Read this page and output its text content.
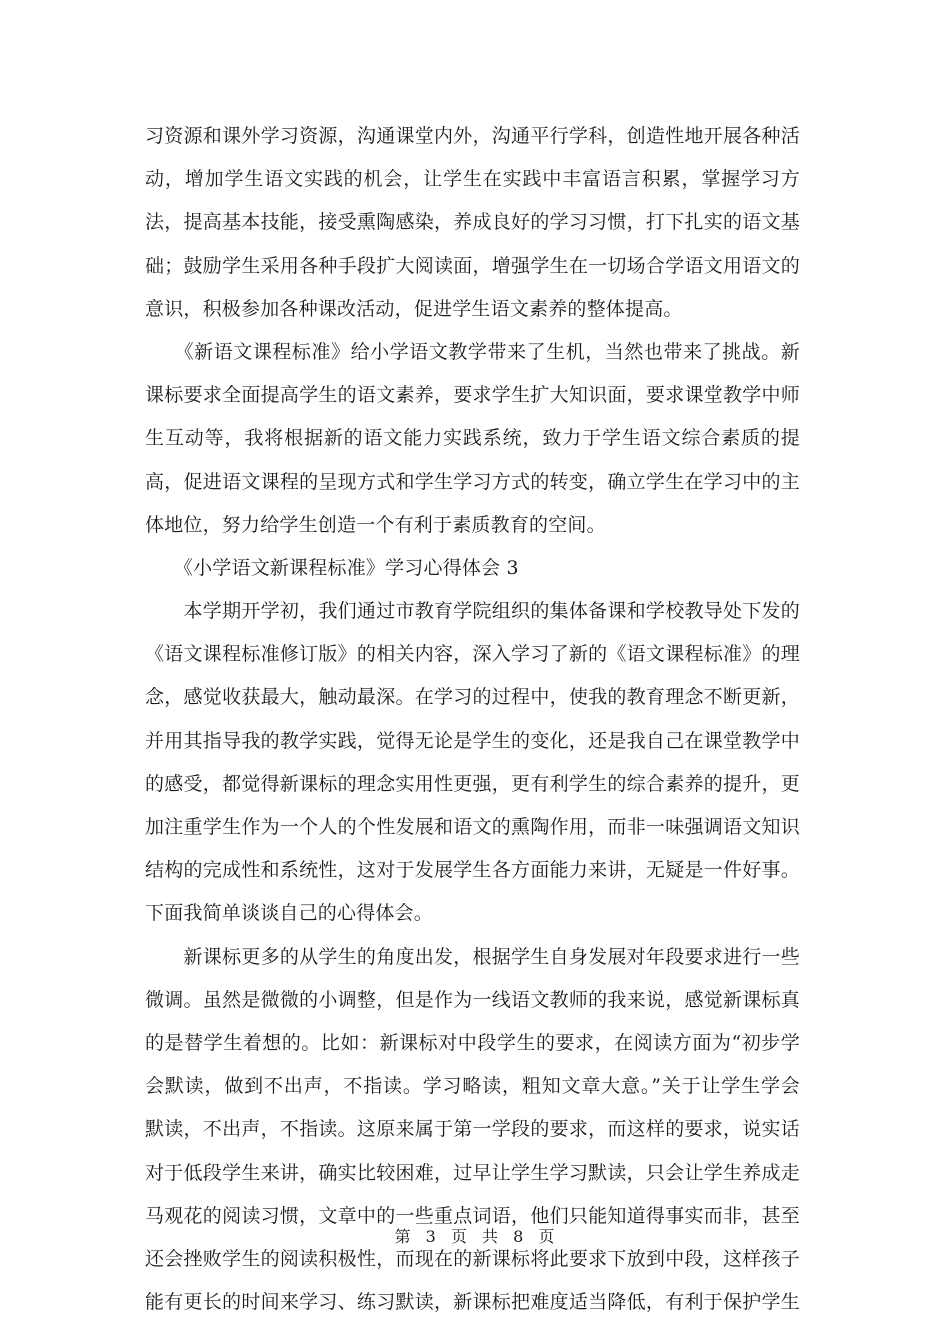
习资源和课外学习资源，沟通课堂内外，沟通平行学科，创造性地开展各种活
动，增加学生语文实践的机会，让学生在实践中丰富语言积累，掌握学习方
法，提高基本技能，接受熏陶感染，养成良好的学习习惯，打下扎实的语文基
础；鼓励学生采用各种手段扩大阅读面，增强学生在一切场合学语文用语文的
意识，积极参加各种课改活动，促进学生语文素养的整体提高。
　　《新语文课程标准》给小学语文教学带来了生机，当然也带来了挑战。新
课标要求全面提高学生的语文素养，要求学生扩大知识面，要求课堂教学中师
生互动等，我将根据新的语文能力实践系统，致力于学生语文综合素质的提
高，促进语文课程的呈现方式和学生学习方式的转变，确立学生在学习中的主
体地位，努力给学生创造一个有利于素质教育的空间。
　　《小学语文新课程标准》学习心得体会 3
　　本学期开学初，我们通过市教育学院组织的集体备课和学校教导处下发的
《语文课程标准修订版》的相关内容，深入学习了新的《语文课程标准》的理
念，感觉收获最大，触动最深。在学习的过程中，使我的教育理念不断更新，
并用其指导我的教学实践，觉得无论是学生的变化，还是我自己在课堂教学中
的感受，都觉得新课标的理念实用性更强，更有利学生的综合素养的提升，更
加注重学生作为一个人的个性发展和语文的熏陶作用，而非一味强调语文知识
结构的完成性和系统性，这对于发展学生各方面能力来讲，无疑是一件好事。
下面我简单谈谈自己的心得体会。
　　新课标更多的从学生的角度出发，根据学生自身发展对年段要求进行一些
微调。虽然是微微的小调整，但是作为一线语文教师的我来说，感觉新课标真
的是替学生着想的。比如：新课标对中段学生的要求，在阅读方面为“初步学
会默读，做到不出声，不指读。学习略读，粗知文章大意。”关于让学生学会
默读，不出声，不指读。这原来属于第一学段的要求，而这样的要求，说实话
对于低段学生来讲，确实比较困难，过早让学生学习默读，只会让学生养成走
马观花的阅读习惯，文章中的一些重点词语，他们只能知道得事实而非，甚至
还会挫败学生的阅读积极性，而现在的新课标将此要求下放到中段，这样孩子
能有更长的时间来学习、练习默读，新课标把难度适当降低，有利于保护学生
第 3 页 共 8 页
